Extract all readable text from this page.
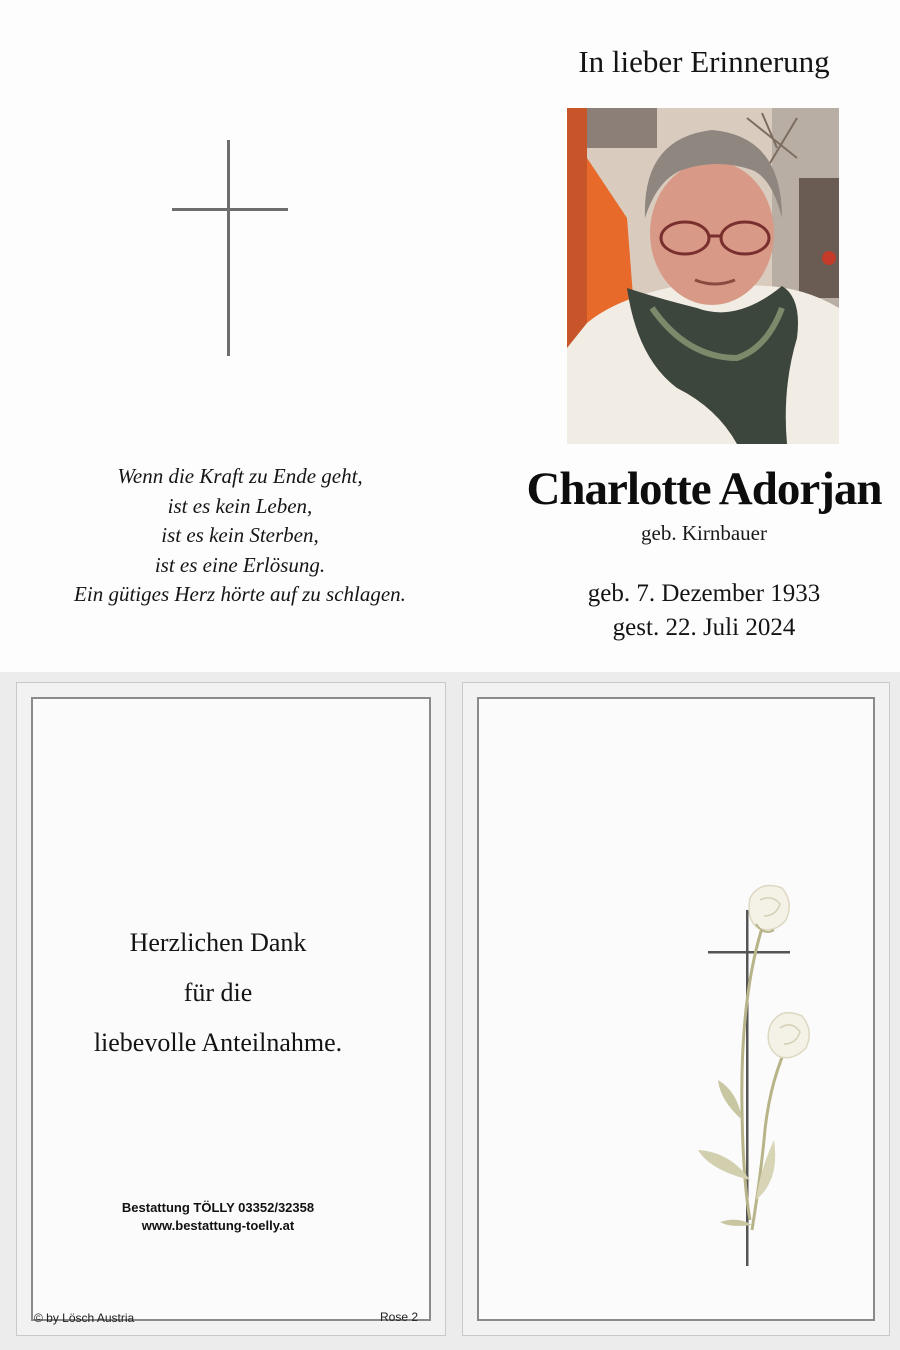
Wenn die Kraft zu Ende geht,
ist es kein Leben,
ist es kein Sterben,
ist es eine Erlösung.
Ein gütiges Herz hörte auf zu schlagen.
In lieber Erinnerung
Charlotte Adorjan
geb. Kirnbauer
geb. 7. Dezember 1933
gest. 22. Juli 2024
Herzlichen Dank
für die
liebevolle Anteilnahme.
Bestattung TÖLLY 03352/32358
www.bestattung-toelly.at
© by Lösch Austria	Rose 2
